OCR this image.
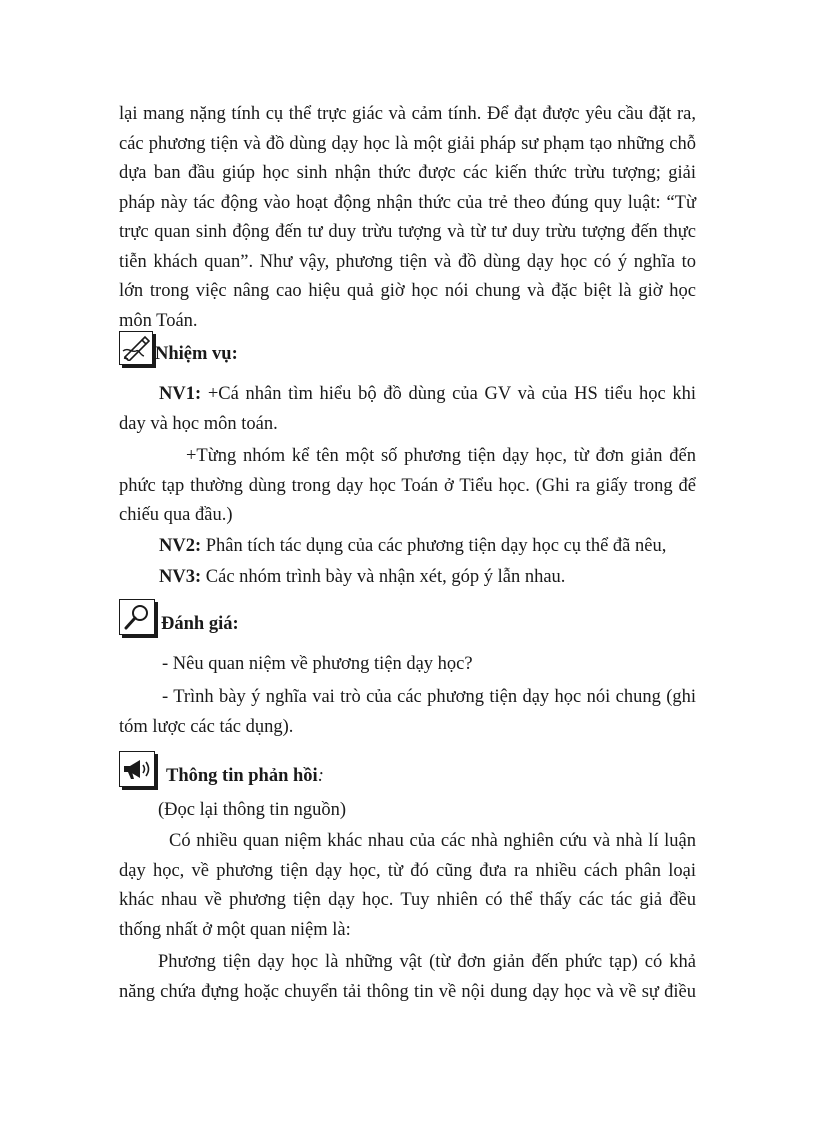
lại mang nặng tính cụ thể trực giác và cảm tính. Để đạt được yêu cầu đặt ra,
các phương tiện và đồ dùng dạy học là một giải pháp sư phạm tạo những chỗ
dựa ban đầu giúp học sinh nhận thức được các kiến thức trừu tượng; giải
pháp này tác động vào hoạt động nhận thức của trẻ theo đúng quy luật: “Từ
trực quan sinh động đến tư duy trừu tượng và từ tư duy trừu tượng đến thực
tiễn khách quan”. Như vậy, phương tiện và đồ dùng dạy học có ý nghĩa to
lớn trong việc nâng cao hiệu quả giờ học nói chung và đặc biệt là giờ học
môn Toán.
Nhiệm vụ:
NV1: +Cá nhân tìm hiểu bộ đồ dùng của GV và của HS tiểu học khi
day và học môn toán.
+Từng nhóm kể tên một số phương tiện dạy học, từ đơn giản đến
phức tạp thường dùng trong dạy học Toán ở Tiểu học. (Ghi ra giấy trong để
chiếu qua đầu.)
NV2: Phân tích tác dụng của các phương tiện dạy học cụ thể đã nêu,
NV3: Các nhóm trình bày và nhận xét, góp ý lẫn nhau.
Đánh giá:
- Nêu quan niệm về phương tiện dạy học?
- Trình bày ý nghĩa vai trò của các phương tiện dạy học nói chung (ghi
tóm lược các tác dụng).
Thông tin phản hồi:
(Đọc lại thông tin nguồn)
Có nhiều quan niệm khác nhau của các nhà nghiên cứu và nhà lí luận
dạy học, về phương tiện dạy học, từ đó cũng đưa ra nhiều cách phân loại
khác nhau về phương tiện dạy học. Tuy nhiên có thể thấy các tác giả đều
thống nhất ở một quan niệm là:
Phương tiện dạy học là những vật (từ đơn giản đến phức tạp) có khả
năng chứa đựng hoặc chuyển tải thông tin về nội dung dạy học và về sự điều
